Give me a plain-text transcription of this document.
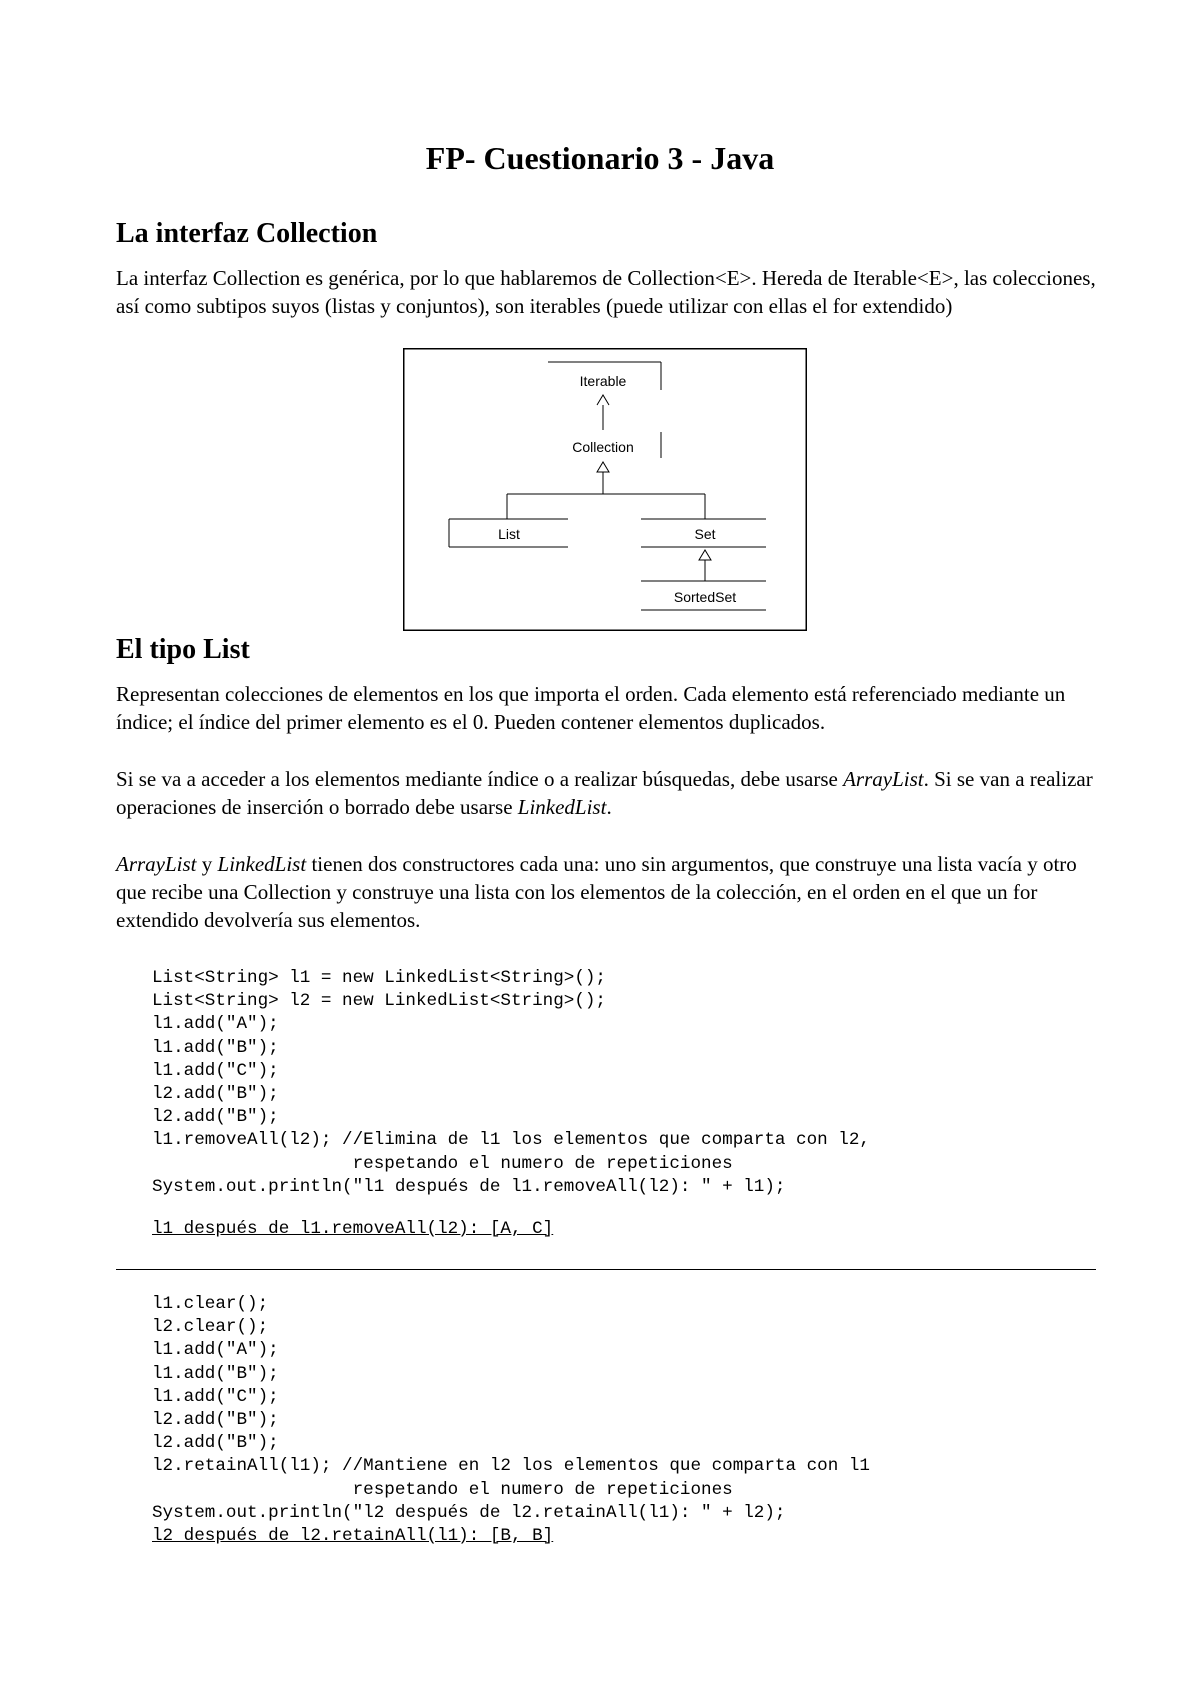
FP- Cuestionario 3 - Java
La interfaz Collection

La interfaz Collection es genérica, por lo que hablaremos de Collection<E>. Hereda de Iterable<E>, las colecciones, así como subtipos suyos (listas y conjuntos), son iterables (puede utilizar con ellas el for extendido)

Iterable
Collection
List	Set
SortedSet
El tipo List

Representan colecciones de elementos en los que importa el orden. Cada elemento está referenciado mediante un índice; el índice del primer elemento es el 0. Pueden contener elementos duplicados.

Si se va a acceder a los elementos mediante índice o a realizar búsquedas, debe usarse ArrayList. Si se van a realizar operaciones de inserción o borrado debe usarse LinkedList.

ArrayList y LinkedList tienen dos constructores cada una: uno sin argumentos, que construye una lista vacía y otro que recibe una Collection y construye una lista con los elementos de la colección, en el orden en el que un for extendido devolvería sus elementos.

List<String> l1 = new LinkedList<String>();
List<String> l2 = new LinkedList<String>();
l1.add("A");
l1.add("B");
l1.add("C");
l2.add("B");
l2.add("B");
l1.removeAll(l2); //Elimina de l1 los elementos que comparta con l2,
respetando el numero de repeticiones
System.out.println("l1 después de l1.removeAll(l2): " + l1);
l1 después de l1.removeAll(l2): [A, C]
l1.clear();
l2.clear();
l1.add("A");
l1.add("B");
l1.add("C");
l2.add("B");
l2.add("B");
l2.retainAll(l1); //Mantiene en l2 los elementos que comparta con l1
respetando el numero de repeticiones
System.out.println("l2 después de l2.retainAll(l1): " + l2);
l2 después de l2.retainAll(l1): [B, B]
